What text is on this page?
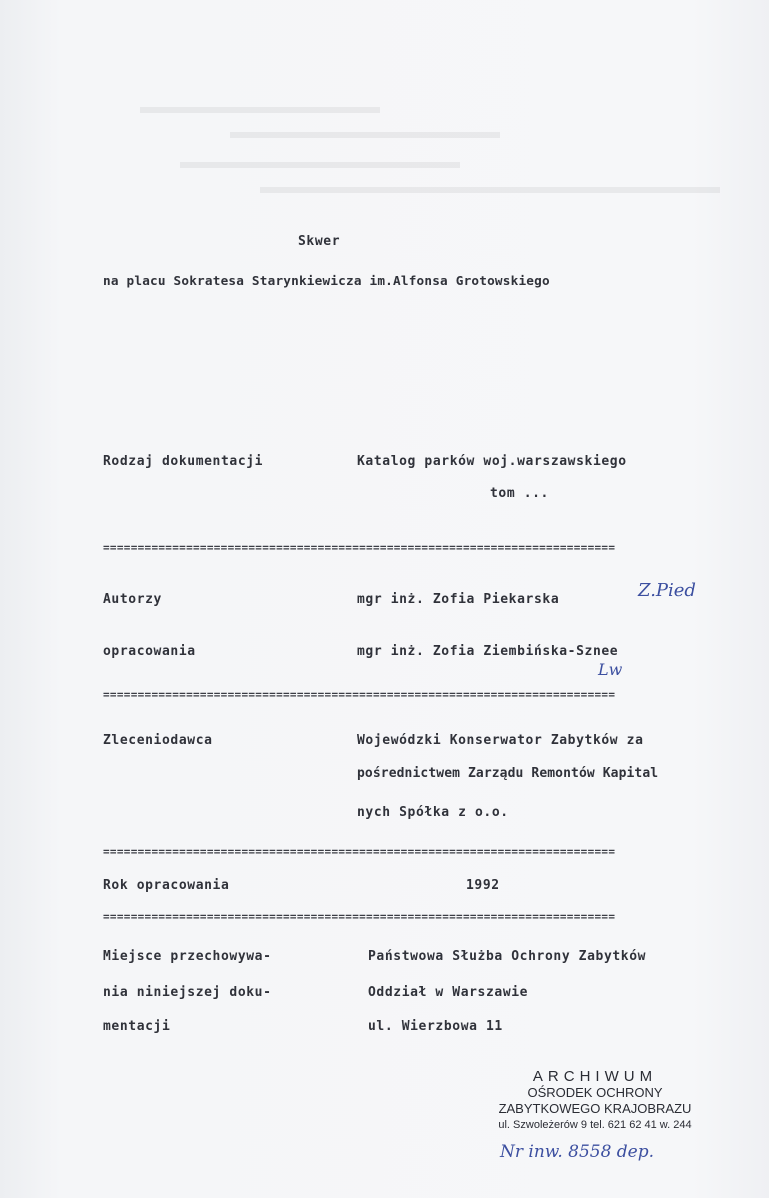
Skwer
na placu Sokratesa Starynkiewicza im.Alfonsa Grotowskiego
Rodzaj dokumentacji	Katalog parków woj.warszawskiego
tom ...
==========================================================================
Autorzy	mgr inż. Zofia Piekarska	Z.Pied
opracowania	mgr inż. Zofia Ziembińska-Sznee
Lw
==========================================================================
Zleceniodawca	Wojewódzki Konserwator Zabytków za
pośrednictwem Zarządu Remontów Kapital
nych Spółka z o.o.
==========================================================================
Rok opracowania	1992
==========================================================================
Miejsce przechowywa-	Państwowa Służba Ochrony Zabytków
nia niniejszej doku-	Oddział w Warszawie
mentacji	ul. Wierzbowa 11
ARCHIWUM
OŚRODEK OCHRONY
ZABYTKOWEGO KRAJOBRAZU
ul. Szwoleżerów 9 tel. 621 62 41 w. 244
Nr inw. 8558 dep.
